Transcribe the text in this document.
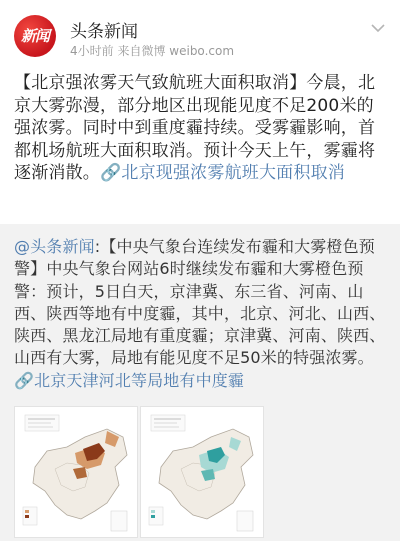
新闻	头条新闻
4小时前 来自微博 weibo.com
【北京强浓雾天气致航班大面积取消】今晨，北京大雾弥漫，部分地区出现能见度不足200米的强浓雾。同时中到重度霾持续。受雾霾影响，首都机场航班大面积取消。预计今天上午，雾霾将逐渐消散。🔗北京现强浓雾航班大面积取消
@头条新闻:【中央气象台连续发布霾和大雾橙色预警】中央气象台网站6时继续发布霾和大雾橙色预警：预计，5日白天，京津冀、东三省、河南、山西、陕西等地有中度霾，其中，北京、河北、山西、陕西、黑龙江局地有重度霾；京津冀、河南、陕西、山西有大雾，局地有能见度不足50米的特强浓雾。🔗北京天津河北等局地有中度霾
